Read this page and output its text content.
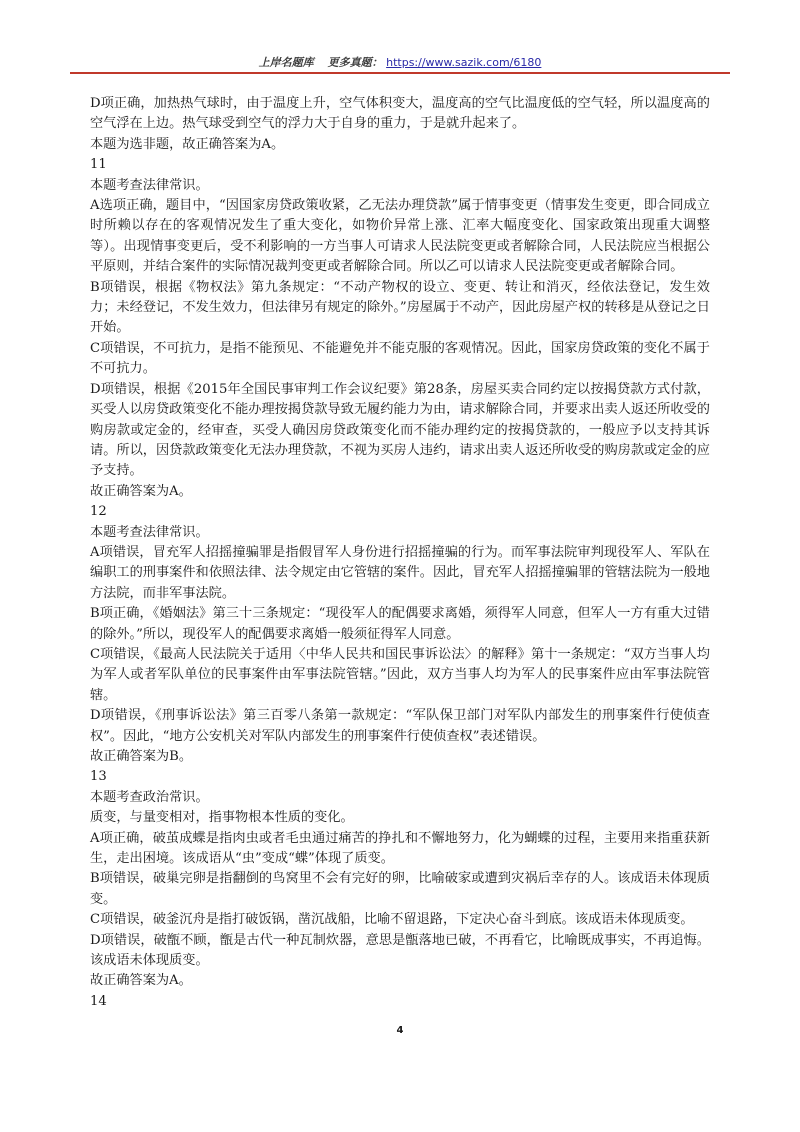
上岸名题库 更多真题： https://www.sazik.com/6180

D项正确，加热热气球时，由于温度上升，空气体积变大，温度高的空气比温度低的空气轻，所以温度高的空气浮在上边。热气球受到空气的浮力大于自身的重力，于是就升起来了。

本题为选非题，故正确答案为A。

11

本题考查法律常识。

A选项正确，题目中，“因国家房贷政策收紧，乙无法办理贷款”属于情事变更（情事发生变更，即合同成立时所赖以存在的客观情况发生了重大变化，如物价异常上涨、汇率大幅度变化、国家政策出现重大调整等）。出现情事变更后，受不利影响的一方当事人可请求人民法院变更或者解除合同，人民法院应当根据公平原则，并结合案件的实际情况裁判变更或者解除合同。所以乙可以请求人民法院变更或者解除合同。

B项错误，根据《物权法》第九条规定：“不动产物权的设立、变更、转让和消灭，经依法登记，发生效力；未经登记，不发生效力，但法律另有规定的除外。”房屋属于不动产，因此房屋产权的转移是从登记之日开始。

C项错误，不可抗力，是指不能预见、不能避免并不能克服的客观情况。因此，国家房贷政策的变化不属于不可抗力。

D项错误，根据《2015年全国民事审判工作会议纪要》第28条，房屋买卖合同约定以按揭贷款方式付款，买受人以房贷政策变化不能办理按揭贷款导致无履约能力为由，请求解除合同，并要求出卖人返还所收受的购房款或定金的，经审查，买受人确因房贷政策变化而不能办理约定的按揭贷款的，一般应予以支持其诉请。所以，因贷款政策变化无法办理贷款，不视为买房人违约，请求出卖人返还所收受的购房款或定金的应予支持。

故正确答案为A。

12

本题考查法律常识。

A项错误，冒充军人招摇撞骗罪是指假冒军人身份进行招摇撞骗的行为。而军事法院审判现役军人、军队在编职工的刑事案件和依照法律、法令规定由它管辖的案件。因此，冒充军人招摇撞骗罪的管辖法院为一般地方法院，而非军事法院。

B项正确，《婚姻法》第三十三条规定：“现役军人的配偶要求离婚，须得军人同意，但军人一方有重大过错的除外。”所以，现役军人的配偶要求离婚一般须征得军人同意。

C项错误，《最高人民法院关于适用〈中华人民共和国民事诉讼法〉的解释》第十一条规定：“双方当事人均为军人或者军队单位的民事案件由军事法院管辖。”因此，双方当事人均为军人的民事案件应由军事法院管辖。

D项错误，《刑事诉讼法》第三百零八条第一款规定：“军队保卫部门对军队内部发生的刑事案件行使侦查权”。因此，“地方公安机关对军队内部发生的刑事案件行使侦查权”表述错误。

故正确答案为B。

13

本题考查政治常识。

质变，与量变相对，指事物根本性质的变化。

A项正确，破茧成蝶是指肉虫或者毛虫通过痛苦的挣扎和不懈地努力，化为蝴蝶的过程，主要用来指重获新生，走出困境。该成语从“虫”变成“蝶”体现了质变。

B项错误，破巢完卵是指翻倒的鸟窝里不会有完好的卵，比喻破家或遭到灾祸后幸存的人。该成语未体现质变。

C项错误，破釜沉舟是指打破饭锅，凿沉战船，比喻不留退路，下定决心奋斗到底。该成语未体现质变。

D项错误，破甑不顾，甑是古代一种瓦制炊器，意思是甑落地已破，不再看它，比喻既成事实，不再追悔。该成语未体现质变。

故正确答案为A。

14

4
